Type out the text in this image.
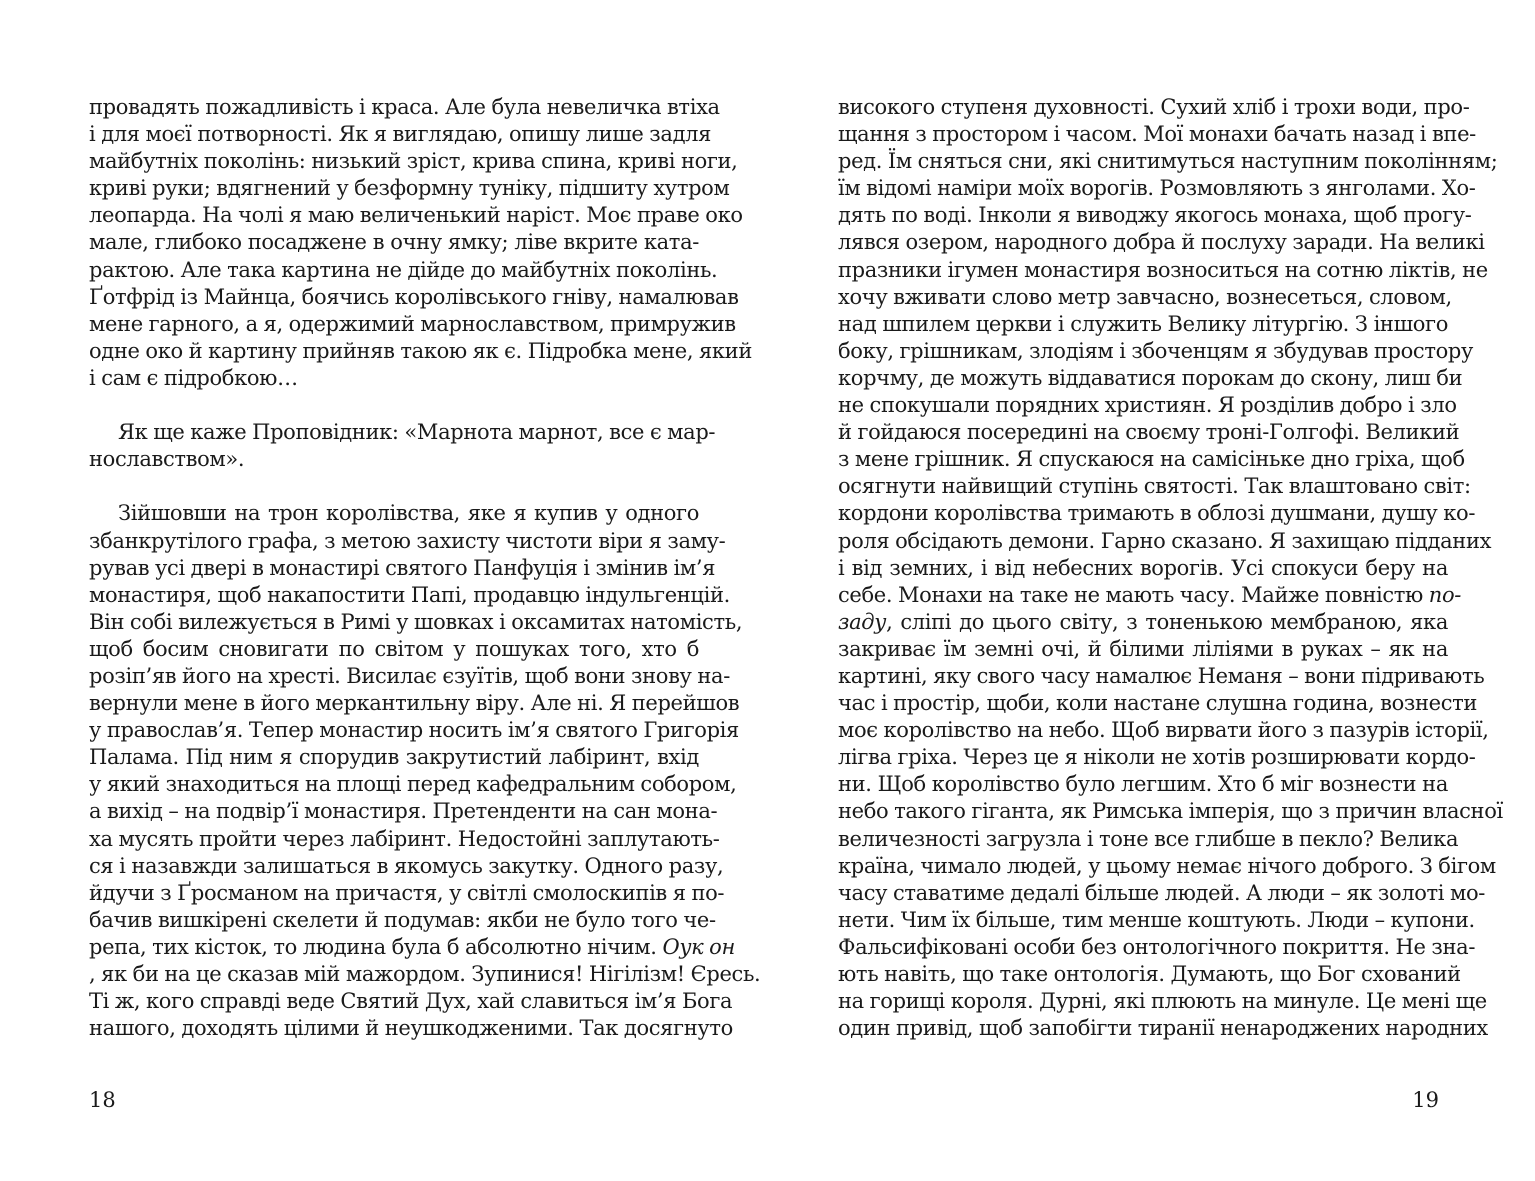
провадять пожадливість і краса. Але була невеличка втіха
і для моєї потворності. Як я виглядаю, опишу лише задля
майбутніх поколінь: низький зріст, крива спина, криві ноги,
криві руки; вдягнений у безформну туніку, підшиту хутром
леопарда. На чолі я маю величенький наріст. Моє праве око
мале, глибоко посаджене в очну ямку; ліве вкрите ката-
рактою. Але така картина не дійде до майбутніх поколінь.
Ґотфрід із Майнца, боячись королівського гніву, намалював
мене гарного, а я, одержимий марнославством, примружив
одне око й картину прийняв такою як є. Підробка мене, який
і сам є підробкою…
Як ще каже Проповідник: «Марнота марнот, все є мар-
нославством».
Зійшовши на трон королівства, яке я купив у одного
збанкрутілого графа, з метою захисту чистоти віри я заму-
рував усі двері в монастирі святого Панфуція і змінив ім’я
монастиря, щоб накапостити Папі, продавцю індульгенцій.
Він собі вилежується в Римі у шовках і оксамитах натомість,
щоб босим сновигати по світом у пошуках того, хто б
розіп’яв його на хресті. Висилає єзуїтів, щоб вони знову на-
вернули мене в його меркантильну віру. Але ні. Я перейшов
у православ’я. Тепер монастир носить ім’я святого Григорія
Палама. Під ним я спорудив закрутистий лабіринт, вхід
у який знаходиться на площі перед кафедральним собором,
а вихід – на подвір’ї монастиря. Претенденти на сан мона-
ха мусять пройти через лабіринт. Недостойні заплутають-
ся і назавжди залишаться в якомусь закутку. Одного разу,
йдучи з Ґросманом на причастя, у світлі смолоскипів я по-
бачив вишкірені скелети й подумав: якби не було того че-
репа, тих кісток, то людина була б абсолютно нічим. Оук он
, як би на це сказав мій мажордом. Зупинися! Нігілізм! Єресь.
Ті ж, кого справді веде Святий Дух, хай славиться ім’я Бога
нашого, доходять цілими й неушкодженими. Так досягнуто
18
високого ступеня духовності. Сухий хліб і трохи води, про-
щання з простором і часом. Мої монахи бачать назад і впе-
ред. Їм сняться сни, які снитимуться наступним поколінням;
їм відомі наміри моїх ворогів. Розмовляють з янголами. Хо-
дять по воді. Інколи я виводжу якогось монаха, щоб прогу-
лявся озером, народного добра й послуху заради. На великі
празники ігумен монастиря возноситься на сотню ліктів, не
хочу вживати слово метр завчасно, вознесеться, словом,
над шпилем церкви і служить Велику літургію. З іншого
боку, грішникам, злодіям і збоченцям я збудував простору
корчму, де можуть віддаватися порокам до скону, лиш би
не спокушали порядних християн. Я розділив добро і зло
й гойдаюся посередині на своєму троні-Голгофі. Великий
з мене грішник. Я спускаюся на самісіньке дно гріха, щоб
осягнути найвищий ступінь святості. Так влаштовано світ:
кордони королівства тримають в облозі душмани, душу ко-
роля обсідають демони. Гарно сказано. Я захищаю підданих
і від земних, і від небесних ворогів. Усі спокуси беру на
себе. Монахи на таке не мають часу. Майже повністю по-
заду, сліпі до цього світу, з тоненькою мембраною, яка
закриває їм земні очі, й білими ліліями в руках – як на
картині, яку свого часу намалює Неманя – вони підривають
час і простір, щоби, коли настане слушна година, вознести
моє королівство на небо. Щоб вирвати його з пазурів історії,
лігва гріха. Через це я ніколи не хотів розширювати кордо-
ни. Щоб королівство було легшим. Хто б міг вознести на
небо такого гіганта, як Римська імперія, що з причин власної
величезності загрузла і тоне все глибше в пекло? Велика
країна, чимало людей, у цьому немає нічого доброго. З бігом
часу ставатиме дедалі більше людей. А люди – як золоті мо-
нети. Чим їх більше, тим менше коштують. Люди – купони.
Фальсифіковані особи без онтологічного покриття. Не зна-
ють навіть, що таке онтологія. Думають, що Бог схований
на горищі короля. Дурні, які плюють на минуле. Це мені ще
один привід, щоб запобігти тиранії ненароджених народних
19
